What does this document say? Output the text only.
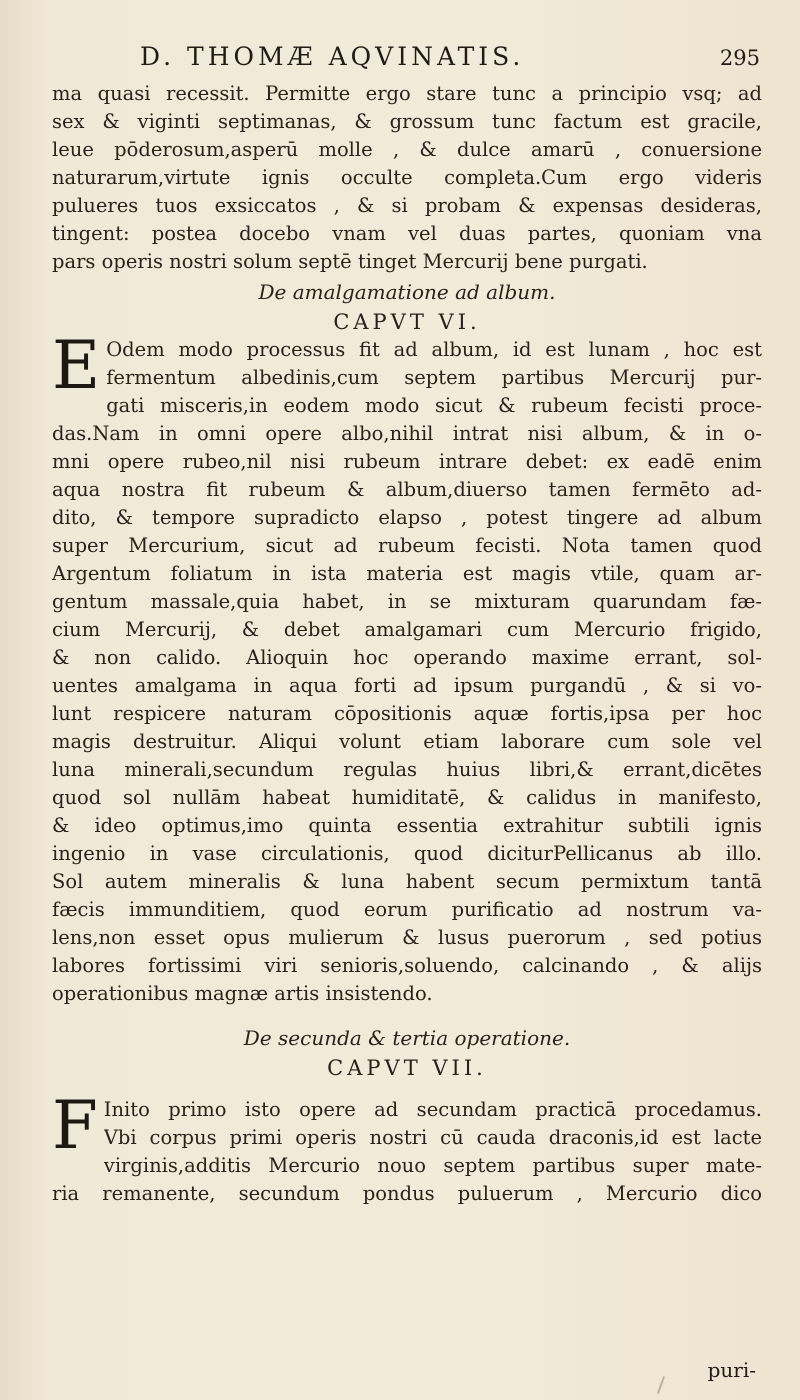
D. THOMÆ AQVINATIS.	295
ma quasi recessit. Permitte ergo stare tunc a principio vsq; ad
sex & viginti septimanas, & grossum tunc factum est gracile,
leue pōderosum,asperū molle , & dulce amarū , conuersione
naturarum,virtute ignis occulte completa.Cum ergo videris
pulueres tuos exsiccatos , & si probam & expensas desideras,
tingent: postea docebo vnam vel duas partes, quoniam vna
pars operis nostri solum septē tinget Mercurij bene purgati.
De amalgamatione ad album.
CAPVT VI.
E Odem modo processus fit ad album, id est lunam , hoc est
fermentum albedinis,cum septem partibus Mercurij pur-
gati misceris,in eodem modo sicut & rubeum fecisti proce-
das.Nam in omni opere albo,nihil intrat nisi album, & in o-
mni opere rubeo,nil nisi rubeum intrare debet: ex eadē enim
aqua nostra fit rubeum & album,diuerso tamen fermēto ad-
dito, & tempore supradicto elapso , potest tingere ad album
super Mercurium, sicut ad rubeum fecisti. Nota tamen quod
Argentum foliatum in ista materia est magis vtile, quam ar-
gentum massale,quia habet, in se mixturam quarundam fæ-
cium Mercurij, & debet amalgamari cum Mercurio frigido,
& non calido. Alioquin hoc operando maxime errant, sol-
uentes amalgama in aqua forti ad ipsum purgandū , & si vo-
lunt respicere naturam cōpositionis aquæ fortis,ipsa per hoc
magis destruitur. Aliqui volunt etiam laborare cum sole vel
luna minerali,secundum regulas huius libri,& errant,dicētes
quod sol nullām habeat humiditatē, & calidus in manifesto,
& ideo optimus,imo quinta essentia extrahitur subtili ignis
ingenio in vase circulationis, quod diciturPellicanus ab illo.
Sol autem mineralis & luna habent secum permixtum tantā
fæcis immunditiem, quod eorum purificatio ad nostrum va-
lens,non esset opus mulierum & lusus puerorum , sed potius
labores fortissimi viri senioris,soluendo, calcinando , & alijs
operationibus magnæ artis insistendo.
De secunda & tertia operatione.
CAPVT VII.
F Inito primo isto opere ad secundam practicā procedamus.
Vbi corpus primi operis nostri cū cauda draconis,id est lacte
virginis,additis Mercurio nouo septem partibus super mate-
ria remanente, secundum pondus puluerum , Mercurio dico
puri-
